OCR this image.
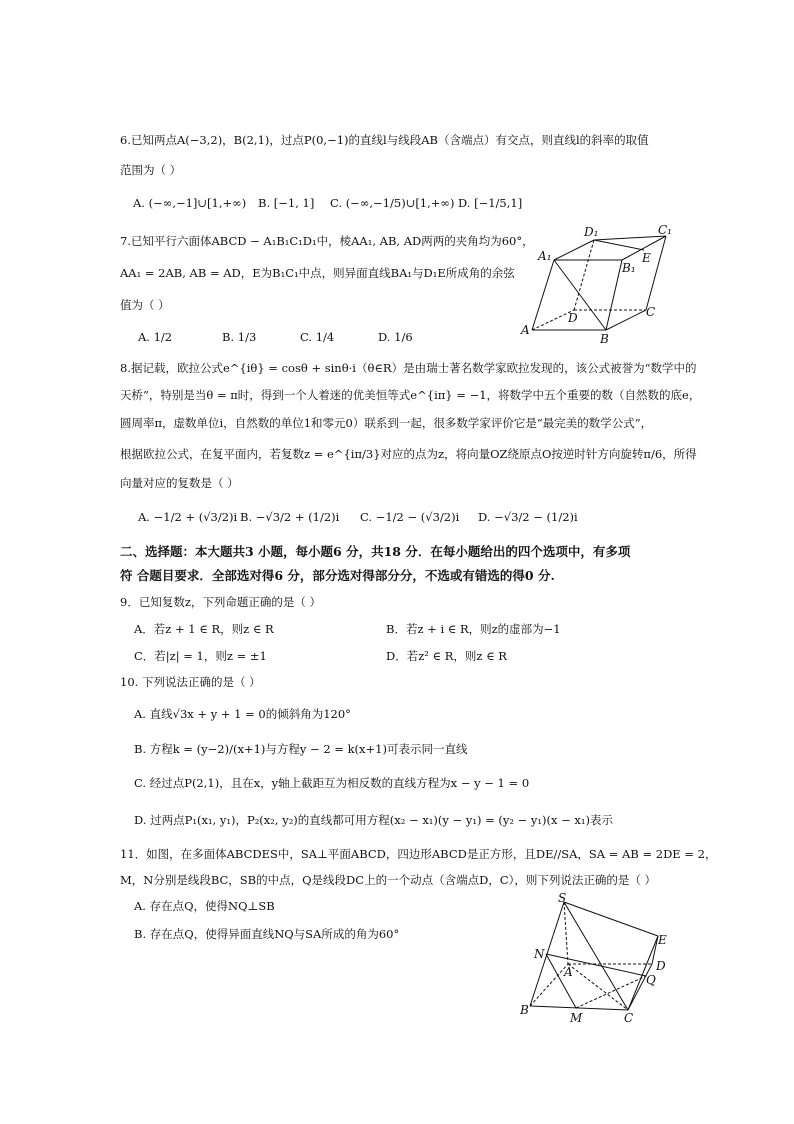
6.已知两点A(−3,2)，B(2,1)，过点P(0,−1)的直线l与线段AB（含端点）有交点，则直线l的斜率的取值
范围为（ ）
A. (−∞,−1]∪[1,+∞) B. [−1, 1] C. (−∞,−1/5)∪[1,+∞) D. [−1/5,1]
7.已知平行六面体ABCD − A₁B₁C₁D₁中，棱AA₁, AB, AD两两的夹角均为60°，
AA₁ = 2AB, AB = AD，E为B₁C₁中点，则异面直线BA₁与D₁E所成角的余弦
值为（ ）
A. 1/2	B. 1/3	C. 1/4	D. 1/6
D₁	C₁
A₁
B₁
E
D	C
A
B
8.据记载，欧拉公式e^{iθ} = cosθ + sinθ·i（θ∈R）是由瑞士著名数学家欧拉发现的，该公式被誉为“数学中的
天桥”，特别是当θ = π时，得到一个人着迷的优美恒等式e^{iπ} = −1，将数学中五个重要的数（自然数的底e，
圆周率π，虚数单位i，自然数的单位1和零元0）联系到一起，很多数学家评价它是“最完美的数学公式”，
根据欧拉公式，在复平面内，若复数z = e^{iπ/3}对应的点为z，将向量OZ绕原点O按逆时针方向旋转π/6，所得
向量对应的复数是（ ）
A. −1/2 + (√3/2)i B. −√3/2 + (1/2)i C. −1/2 − (√3/2)i D. −√3/2 − (1/2)i
二、选择题：本大题共3 小题，每小题6 分，共18 分．在每小题给出的四个选项中，有多项
符 合题目要求．全部选对得6 分，部分选对得部分分，不选或有错选的得0 分.
9．已知复数z，下列命题正确的是（ ）
A．若z + 1 ∈ R，则z ∈ R	B．若z + i ∈ R，则z的虚部为−1
C．若|z| = 1，则z = ±1	D．若z² ∈ R，则z ∈ R
10. 下列说法正确的是（ ）
A. 直线√3x + y + 1 = 0的倾斜角为120°
B. 方程k = (y−2)/(x+1)与方程y − 2 = k(x+1)可表示同一直线
C. 经过点P(2,1)，且在x，y轴上截距互为相反数的直线方程为x − y − 1 = 0
D. 过两点P₁(x₁, y₁)，P₂(x₂, y₂)的直线都可用方程(x₂ − x₁)(y − y₁) = (y₂ − y₁)(x − x₁)表示
11．如图，在多面体ABCDES中，SA⊥平面ABCD，四边形ABCD是正方形，且DE//SA，SA = AB = 2DE = 2，
M，N分别是线段BC，SB的中点，Q是线段DC上的一个动点（含端点D，C），则下列说法正确的是（ ）
A. 存在点Q，使得NQ⊥SB
B. 存在点Q，使得异面直线NQ与SA所成的角为60°
S
E
N
A	D
Q
B
M	C
